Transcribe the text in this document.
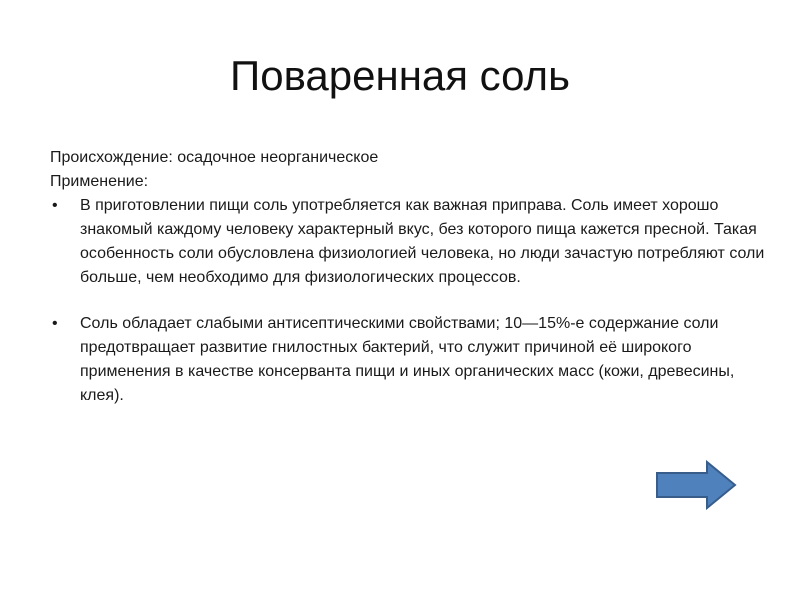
Поваренная соль

Происхождение: осадочное неорганическое

Применение:

• В приготовлении пищи соль употребляется как важная приправа. Соль имеет хорошо знакомый каждому человеку характерный вкус, без которого пища кажется пресной. Такая особенность соли обусловлена физиологией человека, но люди зачастую потребляют соли больше, чем необходимо для физиологических процессов.
• Соль обладает слабыми антисептическими свойствами; 10—15%-е содержание соли предотвращает развитие гнилостных бактерий, что служит причиной её широкого применения в качестве консерванта пищи и иных органических масс (кожи, древесины, клея).
